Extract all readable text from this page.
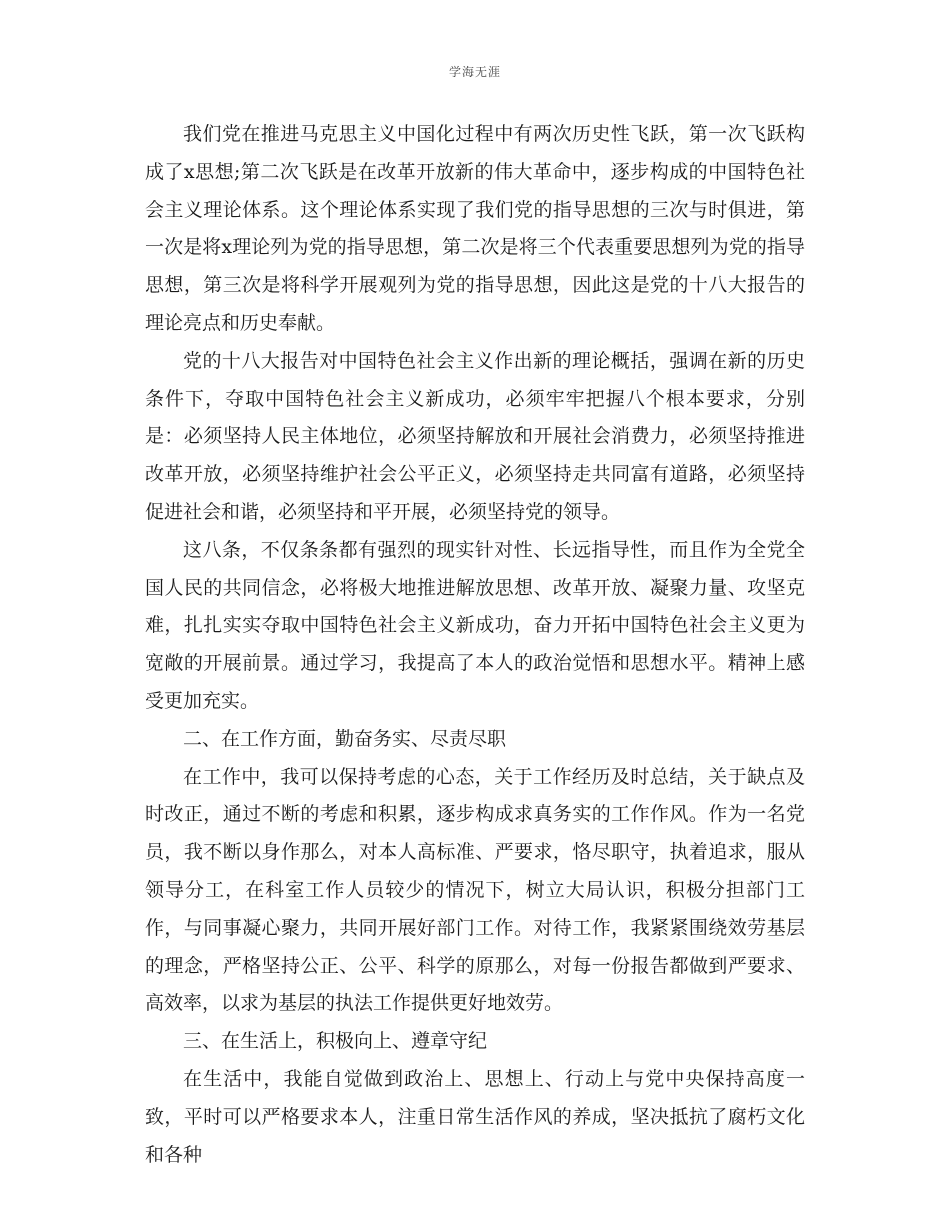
学海无涯

我们党在推进马克思主义中国化过程中有两次历史性飞跃，第一次飞跃构成了x思想;第二次飞跃是在改革开放新的伟大革命中，逐步构成的中国特色社会主义理论体系。这个理论体系实现了我们党的指导思想的三次与时俱进，第一次是将x理论列为党的指导思想，第二次是将三个代表重要思想列为党的指导思想，第三次是将科学开展观列为党的指导思想，因此这是党的十八大报告的理论亮点和历史奉献。

党的十八大报告对中国特色社会主义作出新的理论概括，强调在新的历史条件下，夺取中国特色社会主义新成功，必须牢牢把握八个根本要求，分别是：必须坚持人民主体地位，必须坚持解放和开展社会消费力，必须坚持推进改革开放，必须坚持维护社会公平正义，必须坚持走共同富有道路，必须坚持促进社会和谐，必须坚持和平开展，必须坚持党的领导。

这八条，不仅条条都有强烈的现实针对性、长远指导性，而且作为全党全国人民的共同信念，必将极大地推进解放思想、改革开放、凝聚力量、攻坚克难，扎扎实实夺取中国特色社会主义新成功，奋力开拓中国特色社会主义更为宽敞的开展前景。通过学习，我提高了本人的政治觉悟和思想水平。精神上感受更加充实。

二、在工作方面，勤奋务实、尽责尽职

在工作中，我可以保持考虑的心态，关于工作经历及时总结，关于缺点及时改正，通过不断的考虑和积累，逐步构成求真务实的工作作风。作为一名党员，我不断以身作那么，对本人高标准、严要求，恪尽职守，执着追求，服从领导分工，在科室工作人员较少的情况下，树立大局认识，积极分担部门工作，与同事凝心聚力，共同开展好部门工作。对待工作，我紧紧围绕效劳基层的理念，严格坚持公正、公平、科学的原那么，对每一份报告都做到严要求、高效率，以求为基层的执法工作提供更好地效劳。

三、在生活上，积极向上、遵章守纪

在生活中，我能自觉做到政治上、思想上、行动上与党中央保持高度一致，平时可以严格要求本人，注重日常生活作风的养成，坚决抵抗了腐朽文化和各种
